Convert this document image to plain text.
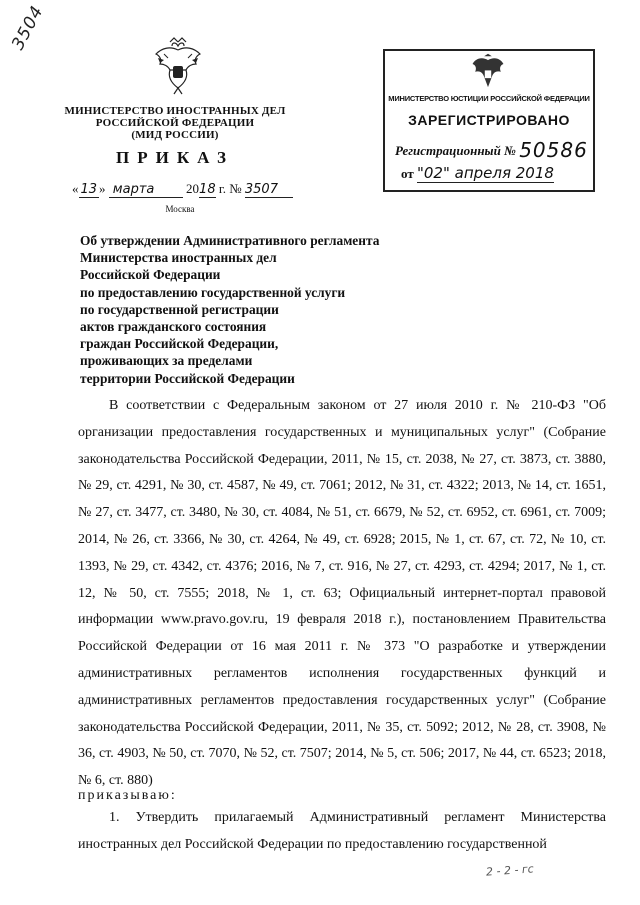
3504
МИНИСТЕРСТВО ИНОСТРАННЫХ ДЕЛ
РОССИЙСКОЙ ФЕДЕРАЦИИ
(МИД РОССИИ)
ПРИКАЗ
« 13 » марта 2018 г. № 3507
Москва
МИНИСТЕРСТВО ЮСТИЦИИ РОССИЙСКОЙ ФЕДЕРАЦИИ
ЗАРЕГИСТРИРОВАНО
Регистрационный № 50586
от "02" апреля 2018
Об утверждении Административного регламента
Министерства иностранных дел
Российской Федерации
по предоставлению государственной услуги
по государственной регистрации
актов гражданского состояния
граждан Российской Федерации,
проживающих за пределами
территории Российской Федерации
В соответствии с Федеральным законом от 27 июля 2010 г. № 210-ФЗ "Об организации предоставления государственных и муниципальных услуг" (Собрание законодательства Российской Федерации, 2011, № 15, ст. 2038, № 27, ст. 3873, ст. 3880, № 29, ст. 4291, № 30, ст. 4587, № 49, ст. 7061; 2012, № 31, ст. 4322; 2013, № 14, ст. 1651, № 27, ст. 3477, ст. 3480, № 30, ст. 4084, № 51, ст. 6679, № 52, ст. 6952, ст. 6961, ст. 7009; 2014, № 26, ст. 3366, № 30, ст. 4264, № 49, ст. 6928; 2015, № 1, ст. 67, ст. 72, № 10, ст. 1393, № 29, ст. 4342, ст. 4376; 2016, № 7, ст. 916, № 27, ст. 4293, ст. 4294; 2017, № 1, ст. 12, № 50, ст. 7555; 2018, № 1, ст. 63; Официальный интернет-портал правовой информации www.pravo.gov.ru, 19 февраля 2018 г.), постановлением Правительства Российской Федерации от 16 мая 2011 г. № 373 "О разработке и утверждении административных регламентов исполнения государственных функций и административных регламентов предоставления государственных услуг" (Собрание законодательства Российской Федерации, 2011, № 35, ст. 5092; 2012, № 28, ст. 3908, № 36, ст. 4903, № 50, ст. 7070, № 52, ст. 7507; 2014, № 5, ст. 506; 2017, № 44, ст. 6523; 2018, № 6, ст. 880)
приказываю:
1. Утвердить прилагаемый Административный регламент Министерства иностранных дел Российской Федерации по предоставлению государственной
2 - 2 - гс
